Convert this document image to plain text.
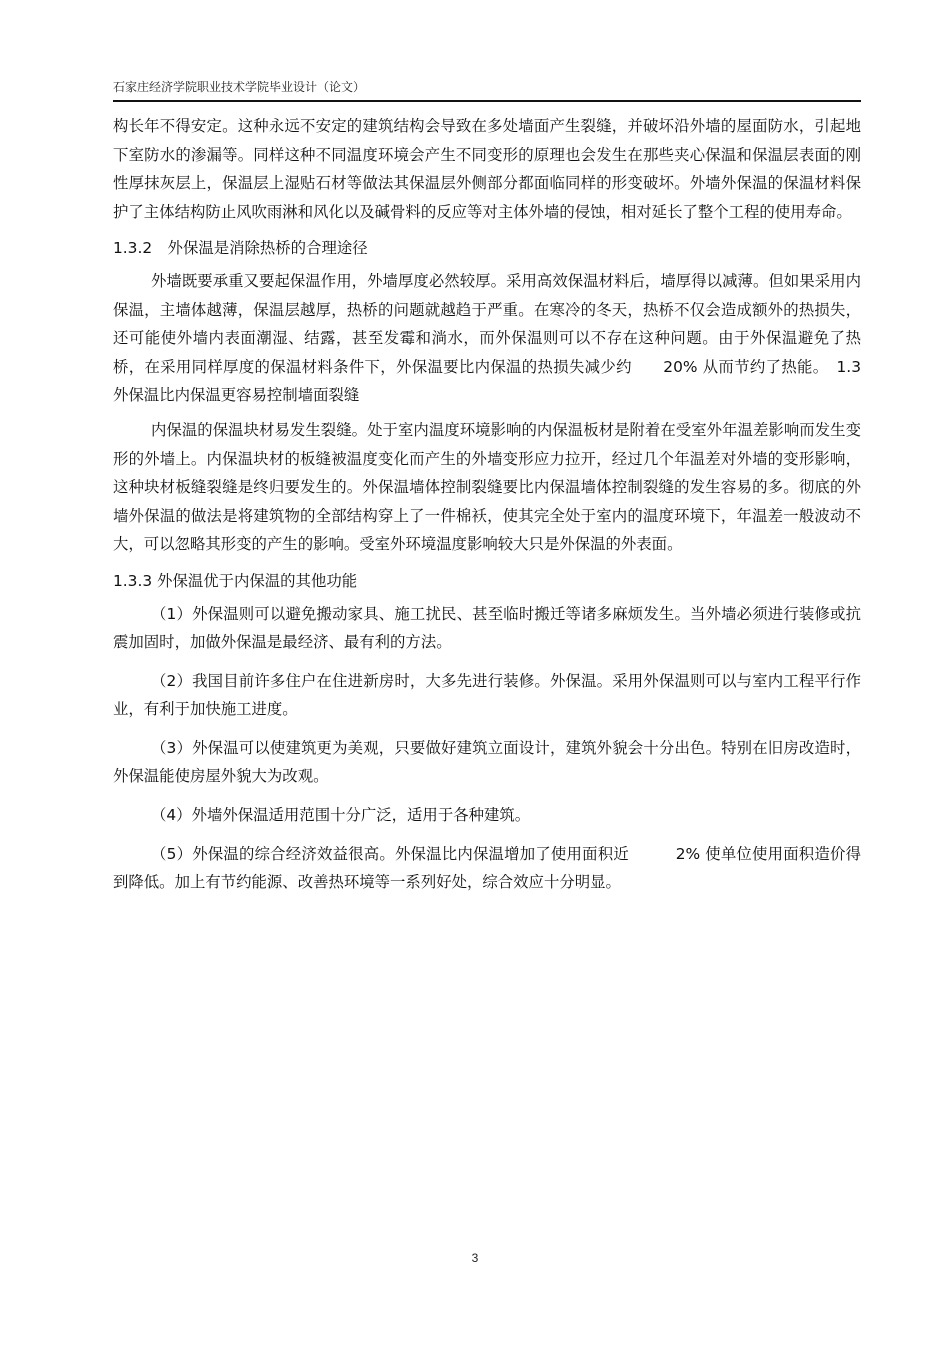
石家庄经济学院职业技术学院毕业设计（论文）

构长年不得安定。这种永远不安定的建筑结构会导致在多处墙面产生裂缝，并破坏沿外墙的屋面防水，引起地下室防水的渗漏等。同样这种不同温度环境会产生不同变形的原理也会发生在那些夹心保温和保温层表面的刚性厚抹灰层上，保温层上湿贴石材等做法其保温层外侧部分都面临同样的形变破坏。外墙外保温的保温材料保护了主体结构防止风吹雨淋和风化以及碱骨料的反应等对主体外墙的侵蚀，相对延长了整个工程的使用寿命。

1.3.2　外保温是消除热桥的合理途径

外墙既要承重又要起保温作用，外墙厚度必然较厚。采用高效保温材料后，墙厚得以减薄。但如果采用内保温，主墙体越薄，保温层越厚，热桥的问题就越趋于严重。在寒冷的冬天，热桥不仅会造成额外的热损失，还可能使外墙内表面潮湿、结露，甚至发霉和淌水，而外保温则可以不存在这种问题。由于外保温避免了热桥，在采用同样厚度的保温材料条件下，外保温要比内保温的热损失减少约　　20% 从而节约了热能。　1.3 外保温比内保温更容易控制墙面裂缝

内保温的保温块材易发生裂缝。处于室内温度环境影响的内保温板材是附着在受室外年温差影响而发生变形的外墙上。内保温块材的板缝被温度变化而产生的外墙变形应力拉开，经过几个年温差对外墙的变形影响，这种块材板缝裂缝是终归要发生的。外保温墙体控制裂缝要比内保温墙体控制裂缝的发生容易的多。彻底的外墙外保温的做法是将建筑物的全部结构穿上了一件棉袄，使其完全处于室内的温度环境下，年温差一般波动不大，可以忽略其形变的产生的影响。受室外环境温度影响较大只是外保温的外表面。

1.3.3 外保温优于内保温的其他功能

（1）外保温则可以避免搬动家具、施工扰民、甚至临时搬迁等诸多麻烦发生。当外墙必须进行装修或抗震加固时，加做外保温是最经济、最有利的方法。

（2）我国目前许多住户在住进新房时，大多先进行装修。外保温。采用外保温则可以与室内工程平行作业，有利于加快施工进度。

（3）外保温可以使建筑更为美观，只要做好建筑立面设计，建筑外貌会十分出色。特别在旧房改造时，外保温能使房屋外貌大为改观。

（4）外墙外保温适用范围十分广泛，适用于各种建筑。

（5）外保温的综合经济效益很高。外保温比内保温增加了使用面积近　　　2% 使单位使用面积造价得到降低。加上有节约能源、改善热环境等一系列好处，综合效应十分明显。

3
